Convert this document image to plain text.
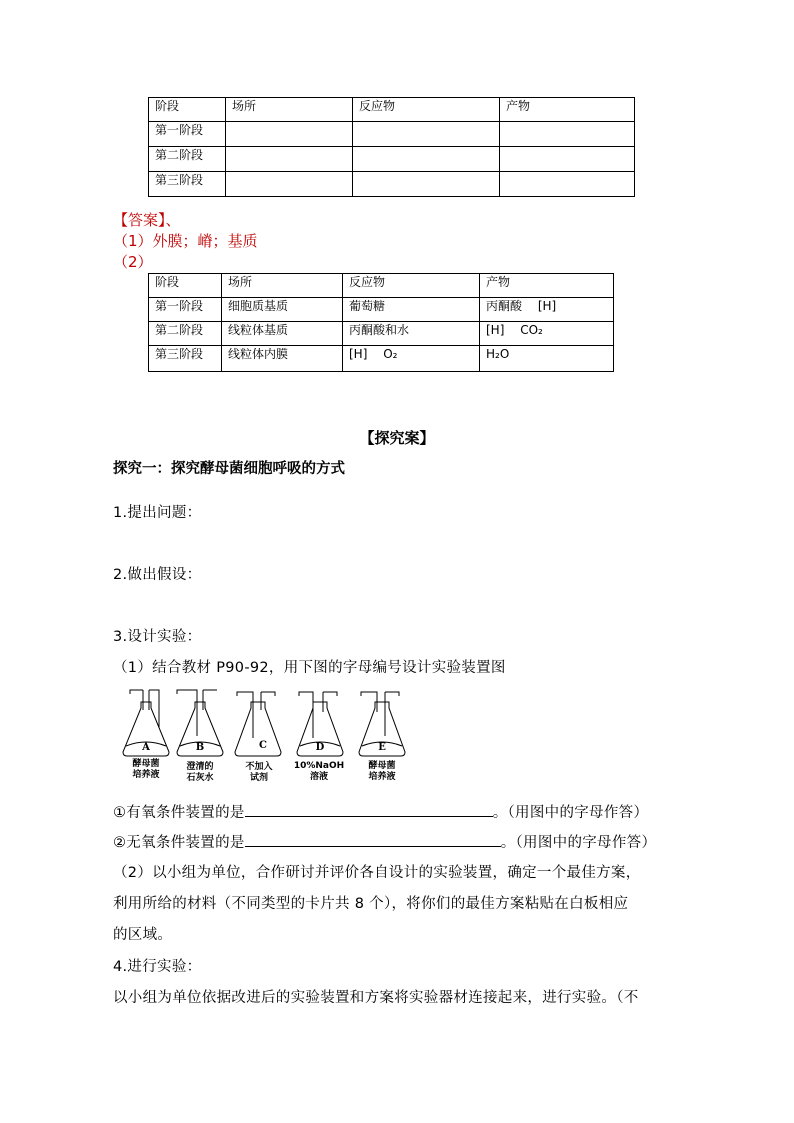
阶段	场所	反应物	产物
第一阶段			
第二阶段			
第三阶段			
【答案】、
（1）外膜；嵴；基质
（2）
阶段	场所	反应物	产物
第一阶段	细胞质基质	葡萄糖	丙酮酸　 [H]
第二阶段	线粒体基质	丙酮酸和水	[H]　 CO₂
第三阶段	线粒体内膜	[H]　 O₂	H₂O
【探究案】
探究一：探究酵母菌细胞呼吸的方式
1.提出问题：
2.做出假设：
3.设计实验：
（1）结合教材 P90-92，用下图的字母编号设计实验装置图
A	B	C	D	E
酵母菌
培养液
澄清的
石灰水
不加入
试剂
10%NaOH
溶液
酵母菌
培养液
①有氧条件装置的是	。（用图中的字母作答）
②无氧条件装置的是	。（用图中的字母作答）
（2）以小组为单位，合作研讨并评价各自设计的实验装置，确定一个最佳方案，
利用所给的材料（不同类型的卡片共 8 个），将你们的最佳方案粘贴在白板相应
的区域。
4.进行实验：
以小组为单位依据改进后的实验装置和方案将实验器材连接起来，进行实验。（不
